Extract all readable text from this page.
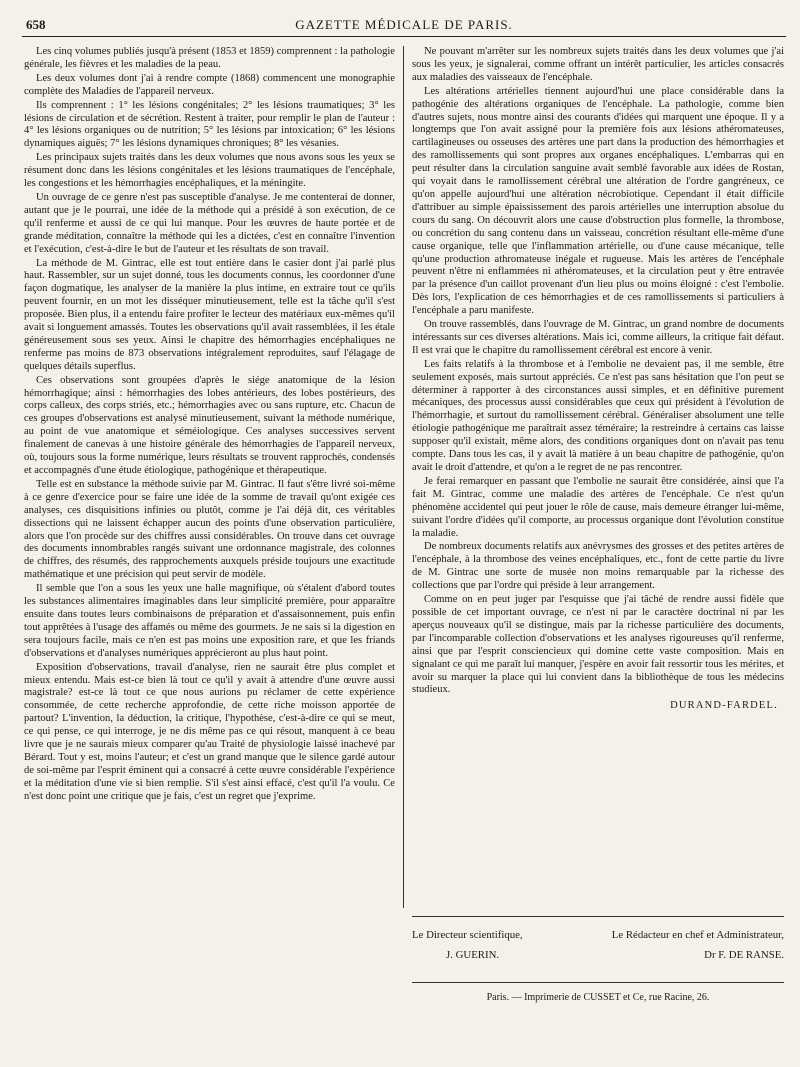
658	GAZETTE MÉDICALE DE PARIS.

Les cinq volumes publiés jusqu'à présent (1853 et 1859) comprennent : la pathologie générale, les fièvres et les maladies de la peau.

Les deux volumes dont j'ai à rendre compte (1868) commencent une monographie complète des Maladies de l'appareil nerveux.

Ils comprennent : 1° les lésions congénitales; 2° les lésions traumatiques; 3° les lésions de circulation et de sécrétion. Restent à traiter, pour remplir le plan de l'auteur : 4° les lésions organiques ou de nutrition; 5° les lésions par intoxication; 6° les lésions dynamiques aiguës; 7° les lésions dynamiques chroniques; 8° les vésanies.

Les principaux sujets traités dans les deux volumes que nous avons sous les yeux se résument donc dans les lésions congénitales et les lésions traumatiques de l'encéphale, les congestions et les hémorrhagies encéphaliques, et la méningite.

Un ouvrage de ce genre n'est pas susceptible d'analyse. Je me contenterai de donner, autant que je le pourrai, une idée de la méthode qui a présidé à son exécution, de ce qu'il renferme et aussi de ce qui lui manque. Pour les œuvres de haute portée et de grande méditation, connaître la méthode qui les a dictées, c'est en connaître l'invention et l'exécution, c'est-à-dire le but de l'auteur et les résultats de son travail.

La méthode de M. Gintrac, elle est tout entière dans le casier dont j'ai parlé plus haut. Rassembler, sur un sujet donné, tous les documents connus, les coordonner d'une façon dogmatique, les analyser de la manière la plus intime, en extraire tout ce qu'ils peuvent fournir, en un mot les disséquer minutieusement, telle est la tâche qu'il s'est proposée. Bien plus, il a entendu faire profiter le lecteur des matériaux eux-mêmes qu'il avait si longuement amassés. Toutes les observations qu'il avait rassemblées, il les étale généreusement sous ses yeux. Ainsi le chapitre des hémorrhagies encéphaliques ne renferme pas moins de 873 observations intégralement reproduites, sauf l'élagage de quelques détails superflus.

Ces observations sont groupées d'après le siége anatomique de la lésion hémorrhagique; ainsi : hémorrhagies des lobes antérieurs, des lobes postérieurs, des corps calleux, des corps striés, etc.; hémorrhagies avec ou sans rupture, etc. Chacun de ces groupes d'observations est analysé minutieusement, suivant la méthode numérique, au point de vue anatomique et séméiologique. Ces analyses successives servent finalement de canevas à une histoire générale des hémorrhagies de l'appareil nerveux, où, toujours sous la forme numérique, leurs résultats se trouvent rapprochés, condensés et accompagnés d'une étude étiologique, pathogénique et thérapeutique.

Telle est en substance la méthode suivie par M. Gintrac. Il faut s'être livré soi-même à ce genre d'exercice pour se faire une idée de la somme de travail qu'ont exigée ces analyses, ces disquisitions infinies ou plutôt, comme je l'ai déjà dit, ces véritables dissections qui ne laissent échapper aucun des points d'une observation particulière, alors que l'on procède sur des chiffres aussi considérables. On trouve dans cet ouvrage des documents innombrables rangés suivant une ordonnance magistrale, des colonnes de chiffres, des résumés, des rapprochements auxquels préside toujours une exactitude mathématique et une précision qui peut servir de modèle.

Il semble que l'on a sous les yeux une halle magnifique, où s'étalent d'abord toutes les substances alimentaires imaginables dans leur simplicité première, pour apparaître ensuite dans toutes leurs combinaisons de préparation et d'assaisonnement, puis enfin tout apprêtées à l'usage des affamés ou même des gourmets. Je ne sais si la digestion en sera toujours facile, mais ce n'en est pas moins une exposition rare, et que les friands d'observations et d'analyses numériques apprécieront au plus haut point.

Exposition d'observations, travail d'analyse, rien ne saurait être plus complet et mieux entendu. Mais est-ce bien là tout ce qu'il y avait à attendre d'une œuvre aussi magistrale? est-ce là tout ce que nous aurions pu réclamer de cette expérience consommée, de cette recherche approfondie, de cette riche moisson apportée de partout? L'invention, la déduction, la critique, l'hypothèse, c'est-à-dire ce qui se meut, ce qui pense, ce qui interroge, je ne dis même pas ce qui résout, manquent à ce beau livre que je ne saurais mieux comparer qu'au Traité de physiologie laissé inachevé par Bérard. Tout y est, moins l'auteur; et c'est un grand manque que le silence gardé autour de soi-même par l'esprit éminent qui a consacré à cette œuvre considérable l'expérience et la méditation d'une vie si bien remplie. S'il s'est ainsi effacé, c'est qu'il l'a voulu. Ce n'est donc point une critique que je fais, c'est un regret que j'exprime.

Ne pouvant m'arrêter sur les nombreux sujets traités dans les deux volumes que j'ai sous les yeux, je signalerai, comme offrant un intérêt particulier, les articles consacrés aux maladies des vaisseaux de l'encéphale.

Les altérations artérielles tiennent aujourd'hui une place considérable dans la pathogénie des altérations organiques de l'encéphale. La pathologie, comme bien d'autres sujets, nous montre ainsi des courants d'idées qui marquent une époque. Il y a longtemps que l'on avait assigné pour la première fois aux lésions athéromateuses, cartilagineuses ou osseuses des artères une part dans la production des hémorrhagies et des ramollissements qui sont propres aux organes encéphaliques. L'embarras qui en peut résulter dans la circulation sanguine avait semblé favorable aux idées de Rostan, qui voyait dans le ramollissement cérébral une altération de l'ordre gangréneux, ce qu'on appelle aujourd'hui une altération nécrobiotique. Cependant il était difficile d'attribuer au simple épaississement des parois artérielles une interruption absolue du cours du sang. On découvrit alors une cause d'obstruction plus formelle, la thrombose, ou concrétion du sang contenu dans un vaisseau, concrétion résultant elle-même d'une cause organique, telle que l'inflammation artérielle, ou d'une cause mécanique, telle qu'une production athromateuse inégale et rugueuse. Mais les artères de l'encéphale peuvent n'être ni enflammées ni athéromateuses, et la circulation peut y être entravée par la présence d'un caillot provenant d'un lieu plus ou moins éloigné : c'est l'embolie. Dès lors, l'explication de ces hémorrhagies et de ces ramollissements si particuliers à l'encéphale a paru manifeste.

On trouve rassemblés, dans l'ouvrage de M. Gintrac, un grand nombre de documents intéressants sur ces diverses altérations. Mais ici, comme ailleurs, la critique fait défaut. Il est vrai que le chapitre du ramollissement cérébral est encore à venir.

Les faits relatifs à la thrombose et à l'embolie ne devaient pas, il me semble, être seulement exposés, mais surtout appréciés. Ce n'est pas sans hésitation que l'on peut se déterminer à rapporter à des circonstances aussi simples, et en définitive purement mécaniques, des processus aussi considérables que ceux qui président à l'évolution de l'hémorrhagie, et surtout du ramollissement cérébral. Généraliser absolument une telle étiologie pathogénique me paraîtrait assez téméraire; la restreindre à certains cas laisse supposer qu'il existait, même alors, des conditions organiques dont on n'avait pas tenu compte. Dans tous les cas, il y avait là matière à un beau chapitre de pathogénie, qu'on avait le droit d'attendre, et qu'on a le regret de ne pas rencontrer.

Je ferai remarquer en passant que l'embolie ne saurait être considérée, ainsi que l'a fait M. Gintrac, comme une maladie des artères de l'encéphale. Ce n'est qu'un phénomène accidentel qui peut jouer le rôle de cause, mais demeure étranger lui-même, suivant l'ordre d'idées qu'il comporte, au processus organique dont l'évolution constitue la maladie.

De nombreux documents relatifs aux anévrysmes des grosses et des petites artères de l'encéphale, à la thrombose des veines encéphaliques, etc., font de cette partie du livre de M. Gintrac une sorte de musée non moins remarquable par la richesse des collections que par l'ordre qui préside à leur arrangement.

Comme on en peut juger par l'esquisse que j'ai tâché de rendre aussi fidèle que possible de cet important ouvrage, ce n'est ni par le caractère doctrinal ni par les aperçus nouveaux qu'il se distingue, mais par la richesse particulière des documents, par l'incomparable collection d'observations et les analyses rigoureuses qu'il renferme, ainsi que par l'esprit consciencieux qui domine cette vaste composition. Mais en signalant ce qui me paraît lui manquer, j'espère en avoir fait ressortir tous les mérites, et avoir su marquer la place qui lui convient dans la bibliothèque de tous les médecins studieux.

DURAND-FARDEL.
Le Directeur scientifique,	Le Rédacteur en chef et Administrateur,
J. GUERIN.	Dr F. DE RANSE.
Paris. — Imprimerie de CUSSET et Ce, rue Racine, 26.
